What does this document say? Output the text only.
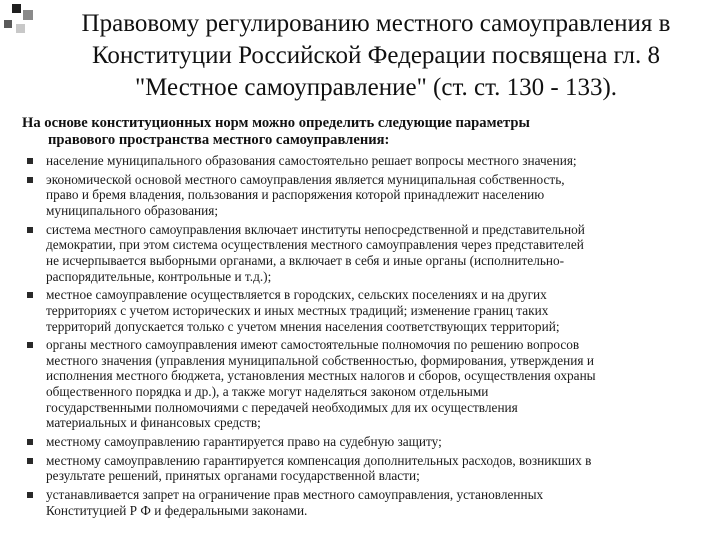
Правовому регулированию местного самоуправления в
Конституции Российской Федерации посвящена гл. 8
"Местное самоуправление" (ст. ст. 130 - 133).
На основе конституционных норм можно определить следующие параметры
правового пространства местного самоуправления:
население муниципального образования самостоятельно решает вопросы местного значения;
экономической основой местного самоуправления является муниципальная собственность,
право и бремя владения, пользования и распоряжения которой принадлежит населению
муниципального образования;
система местного самоуправления включает институты непосредственной и представительной
демократии, при этом система осуществления местного самоуправления через представителей
не исчерпывается выборными органами, а включает в себя и иные органы (исполнительно-
распорядительные, контрольные и т.д.);
местное самоуправление осуществляется в городских, сельских поселениях и на других
территориях с учетом исторических и иных местных традиций; изменение границ таких
территорий допускается только с учетом мнения населения соответствующих территорий;
органы местного самоуправления имеют самостоятельные полномочия по решению вопросов
местного значения (управления муниципальной собственностью, формирования, утверждения и
исполнения местного бюджета, установления местных налогов и сборов, осуществления охраны
общественного порядка и др.), а также могут наделяться законом отдельными
государственными полномочиями с передачей необходимых для их осуществления
материальных и финансовых средств;
местному самоуправлению гарантируется право на судебную защиту;
местному самоуправлению гарантируется компенсация дополнительных расходов, возникших в
результате решений, принятых органами государственной власти;
устанавливается запрет на ограничение прав местного самоуправления, установленных
Конституцией Р Ф и федеральными законами.
